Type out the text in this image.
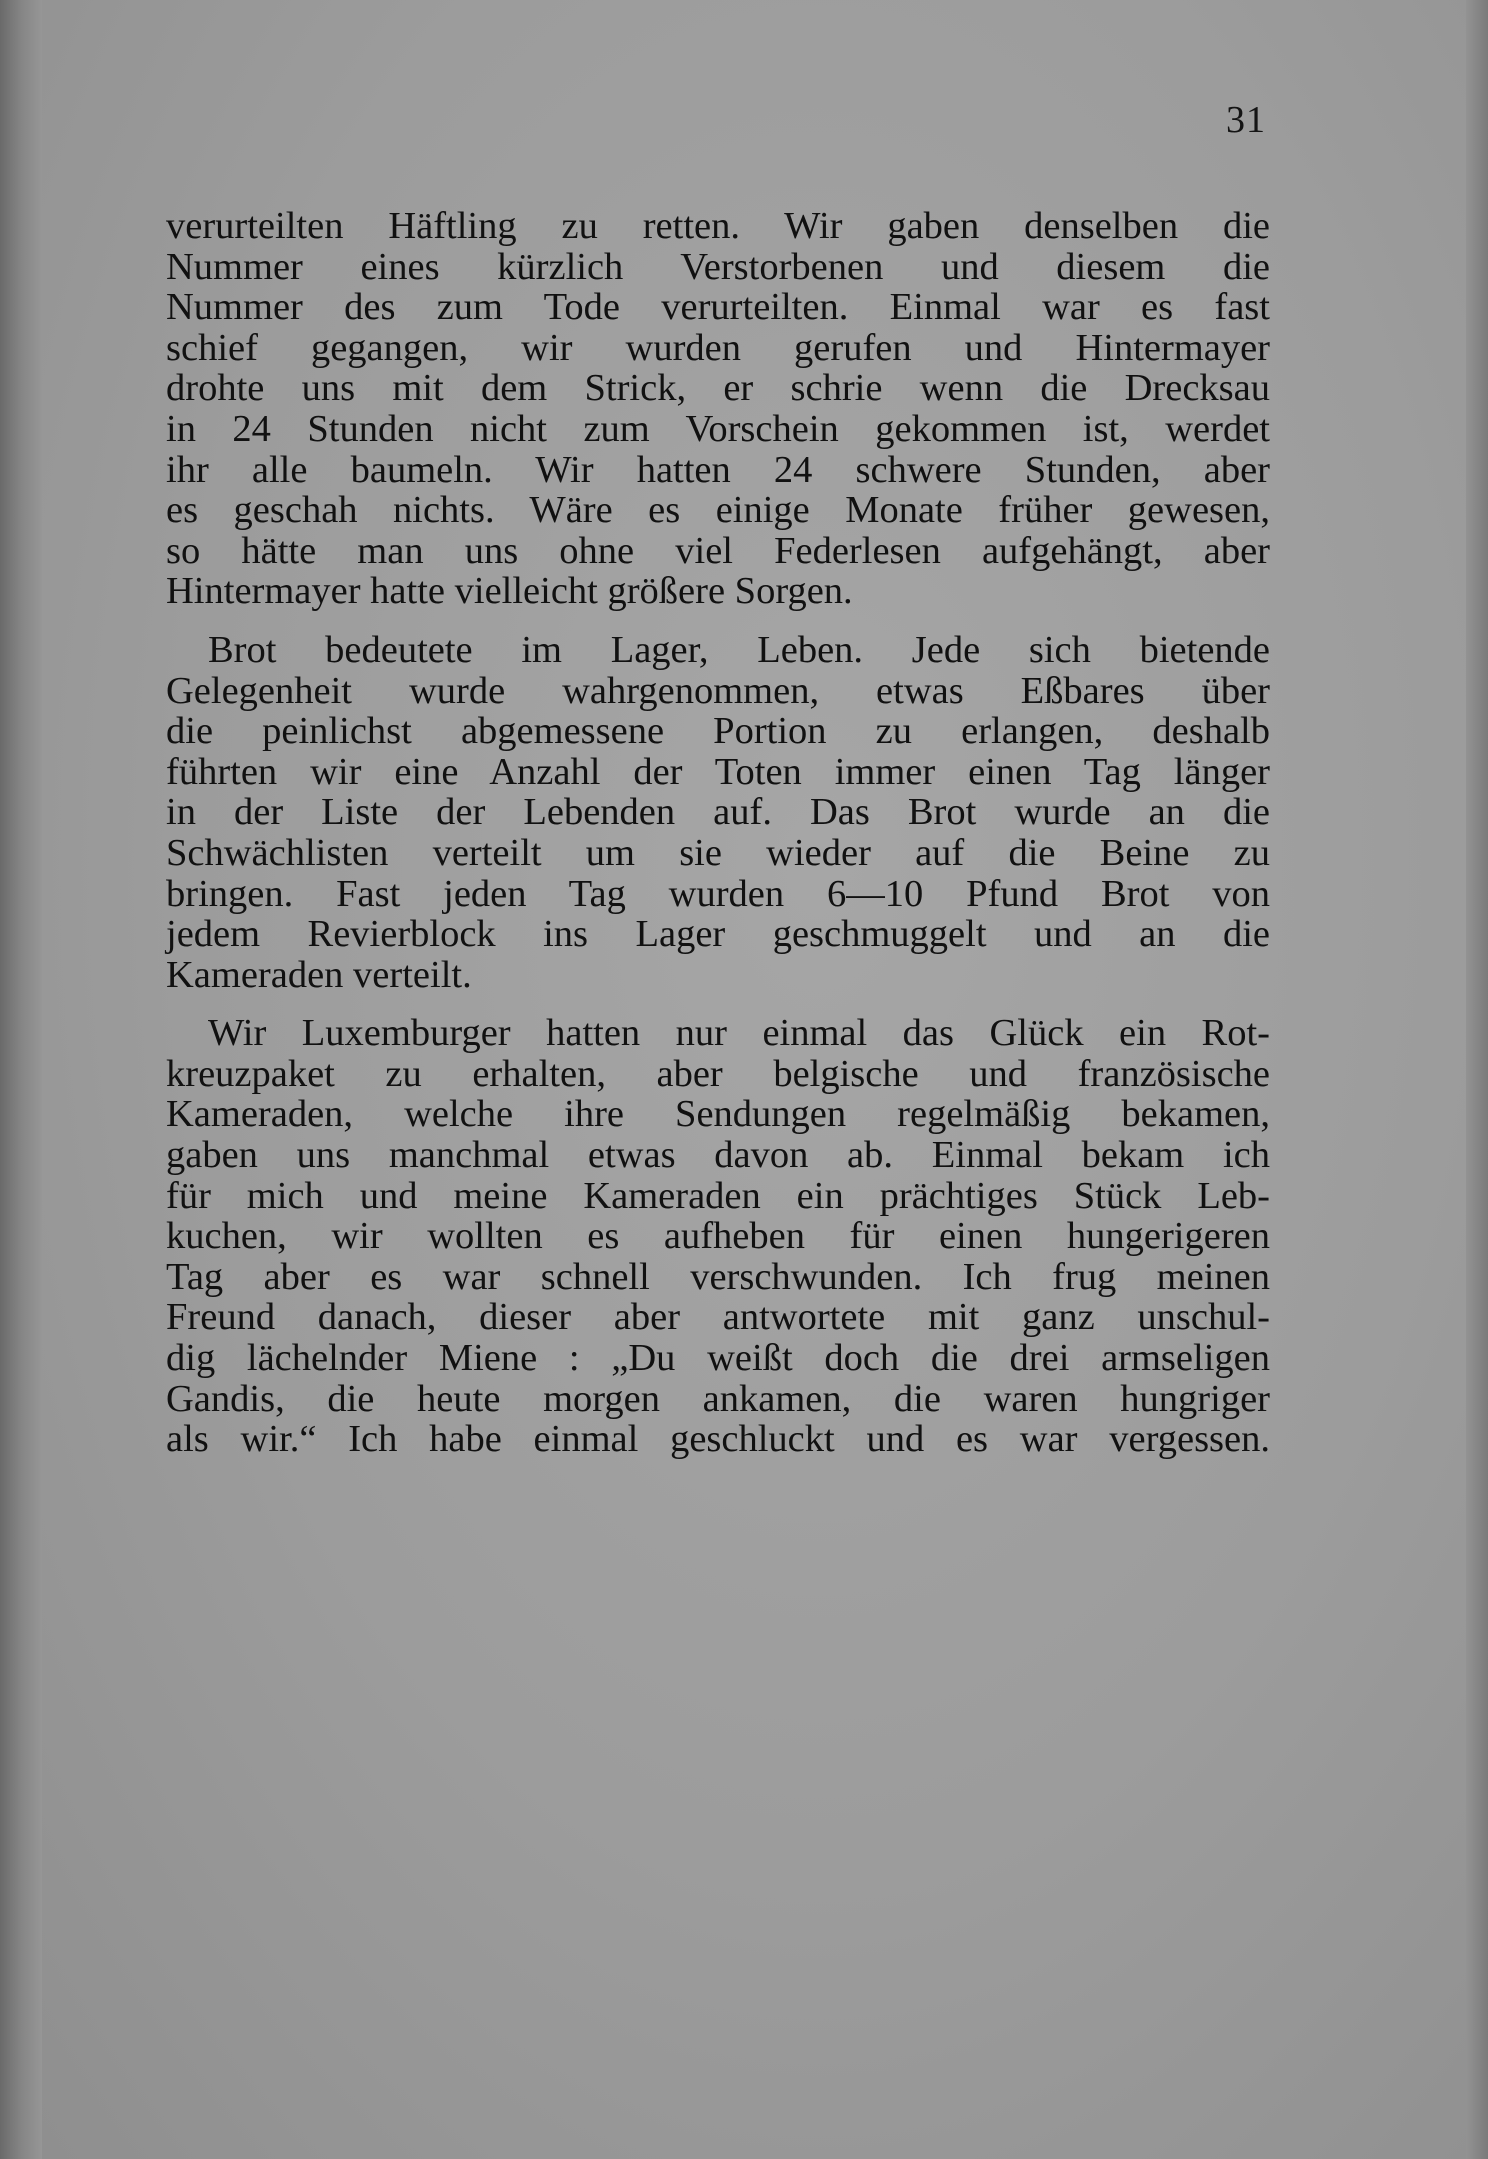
31
verurteilten Häftling zu retten. Wir gaben denselben die
Nummer eines kürzlich Verstorbenen und diesem die
Nummer des zum Tode verurteilten. Einmal war es fast
schief gegangen, wir wurden gerufen und Hintermayer
drohte uns mit dem Strick, er schrie wenn die Drecksau
in 24 Stunden nicht zum Vorschein gekommen ist, werdet
ihr alle baumeln. Wir hatten 24 schwere Stunden, aber
es geschah nichts. Wäre es einige Monate früher gewesen,
so hätte man uns ohne viel Federlesen aufgehängt, aber
Hintermayer hatte vielleicht größere Sorgen.
Brot bedeutete im Lager, Leben. Jede sich bietende
Gelegenheit wurde wahrgenommen, etwas Eßbares über
die peinlichst abgemessene Portion zu erlangen, deshalb
führten wir eine Anzahl der Toten immer einen Tag länger
in der Liste der Lebenden auf. Das Brot wurde an die
Schwächlisten verteilt um sie wieder auf die Beine zu
bringen. Fast jeden Tag wurden 6—10 Pfund Brot von
jedem Revierblock ins Lager geschmuggelt und an die
Kameraden verteilt.
Wir Luxemburger hatten nur einmal das Glück ein Rot-
kreuzpaket zu erhalten, aber belgische und französische
Kameraden, welche ihre Sendungen regelmäßig bekamen,
gaben uns manchmal etwas davon ab. Einmal bekam ich
für mich und meine Kameraden ein prächtiges Stück Leb-
kuchen, wir wollten es aufheben für einen hungerigeren
Tag aber es war schnell verschwunden. Ich frug meinen
Freund danach, dieser aber antwortete mit ganz unschul-
dig lächelnder Miene : „Du weißt doch die drei armseligen
Gandis, die heute morgen ankamen, die waren hungriger
als wir.“ Ich habe einmal geschluckt und es war vergessen.
